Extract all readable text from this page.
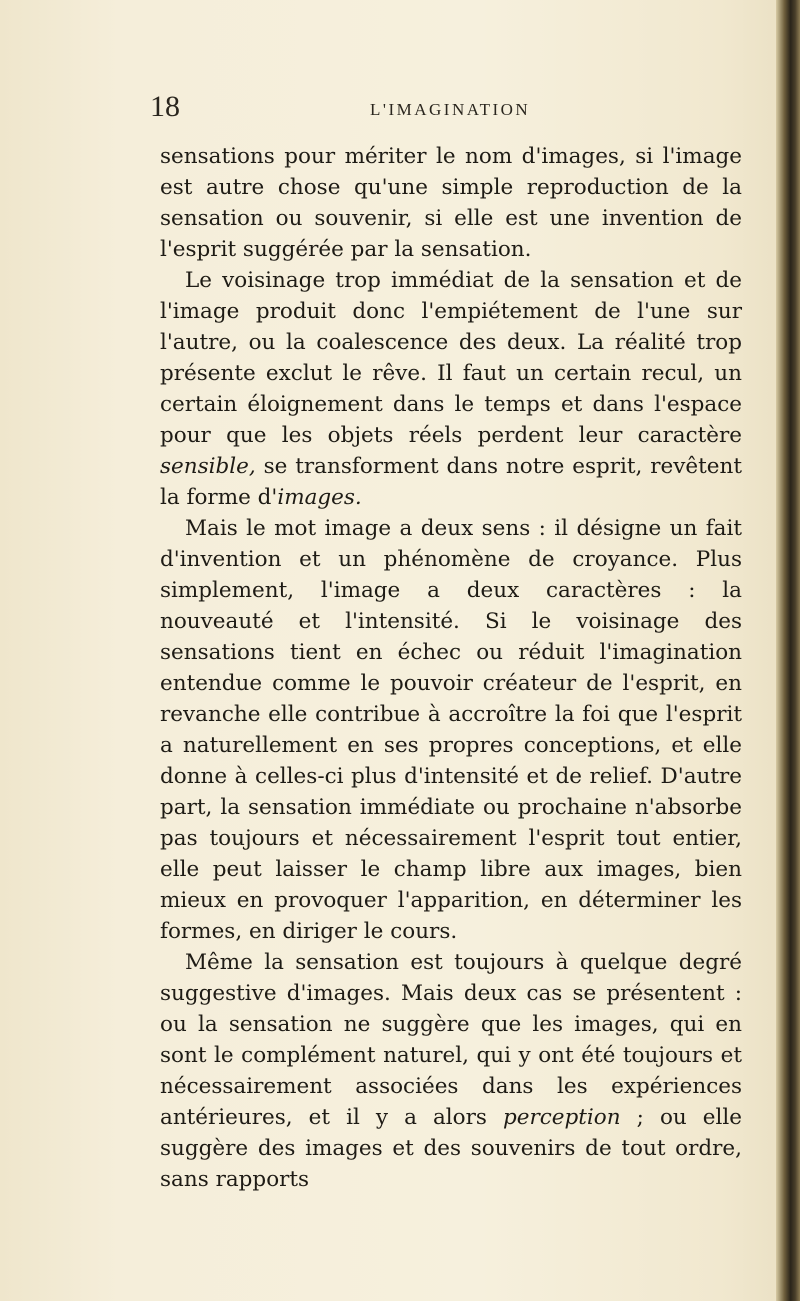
18	L'IMAGINATION

sensations pour mériter le nom d'images, si l'image est autre chose qu'une simple reproduction de la sensation ou souvenir, si elle est une invention de l'esprit suggérée par la sensation.

Le voisinage trop immédiat de la sensation et de l'image produit donc l'empiétement de l'une sur l'autre, ou la coalescence des deux. La réalité trop présente exclut le rêve. Il faut un certain recul, un certain éloignement dans le temps et dans l'espace pour que les objets réels perdent leur caractère sensible, se transforment dans notre esprit, revêtent la forme d'images.

Mais le mot image a deux sens : il désigne un fait d'invention et un phénomène de croyance. Plus simplement, l'image a deux caractères : la nouveauté et l'intensité. Si le voisinage des sensations tient en échec ou réduit l'imagination entendue comme le pouvoir créateur de l'esprit, en revanche elle contribue à accroître la foi que l'esprit a naturellement en ses propres conceptions, et elle donne à celles-ci plus d'intensité et de relief. D'autre part, la sensation immédiate ou prochaine n'absorbe pas toujours et nécessairement l'esprit tout entier, elle peut laisser le champ libre aux images, bien mieux en provoquer l'apparition, en déterminer les formes, en diriger le cours.

Même la sensation est toujours à quelque degré suggestive d'images. Mais deux cas se présentent : ou la sensation ne suggère que les images, qui en sont le complément naturel, qui y ont été toujours et nécessairement associées dans les expériences antérieures, et il y a alors perception ; ou elle suggère des images et des souvenirs de tout ordre, sans rapports
